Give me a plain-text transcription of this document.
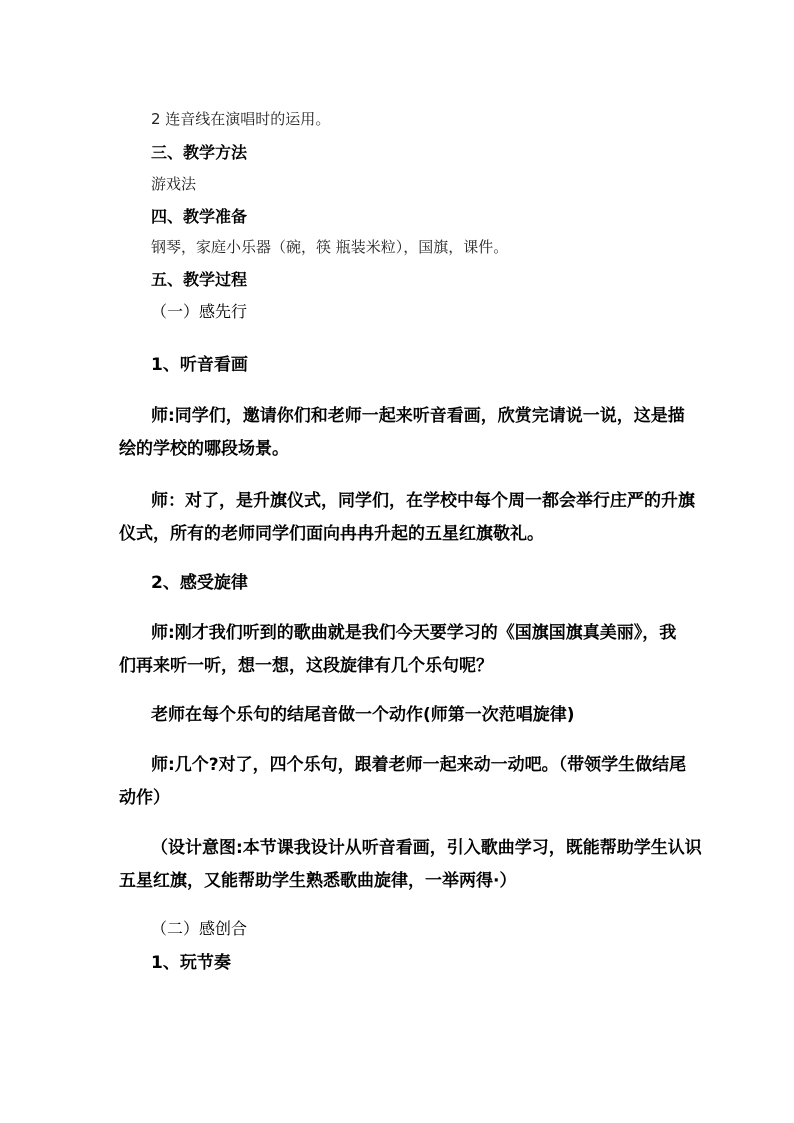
2 连音线在演唱时的运用。
三、教学方法
游戏法
四、教学准备
钢琴，家庭小乐器（碗，筷 瓶装米粒），国旗，课件。
五、教学过程
（一）感先行
1、听音看画
师:同学们，邀请你们和老师一起来听音看画，欣赏完请说一说，这是描
绘的学校的哪段场景。
师：对了，是升旗仪式，同学们，在学校中每个周一都会举行庄严的升旗
仪式，所有的老师同学们面向冉冉升起的五星红旗敬礼。
2、感受旋律
师:刚才我们听到的歌曲就是我们今天要学习的《国旗国旗真美丽》，我
们再来听一听，想一想，这段旋律有几个乐句呢？
老师在每个乐句的结尾音做一个动作(师第一次范唱旋律)
师:几个?对了，四个乐句，跟着老师一起来动一动吧。（带领学生做结尾
动作）
（设计意图:本节课我设计从听音看画，引入歌曲学习，既能帮助学生认识
五星红旗，又能帮助学生熟悉歌曲旋律，一举两得·）
（二）感创合
1、玩节奏
